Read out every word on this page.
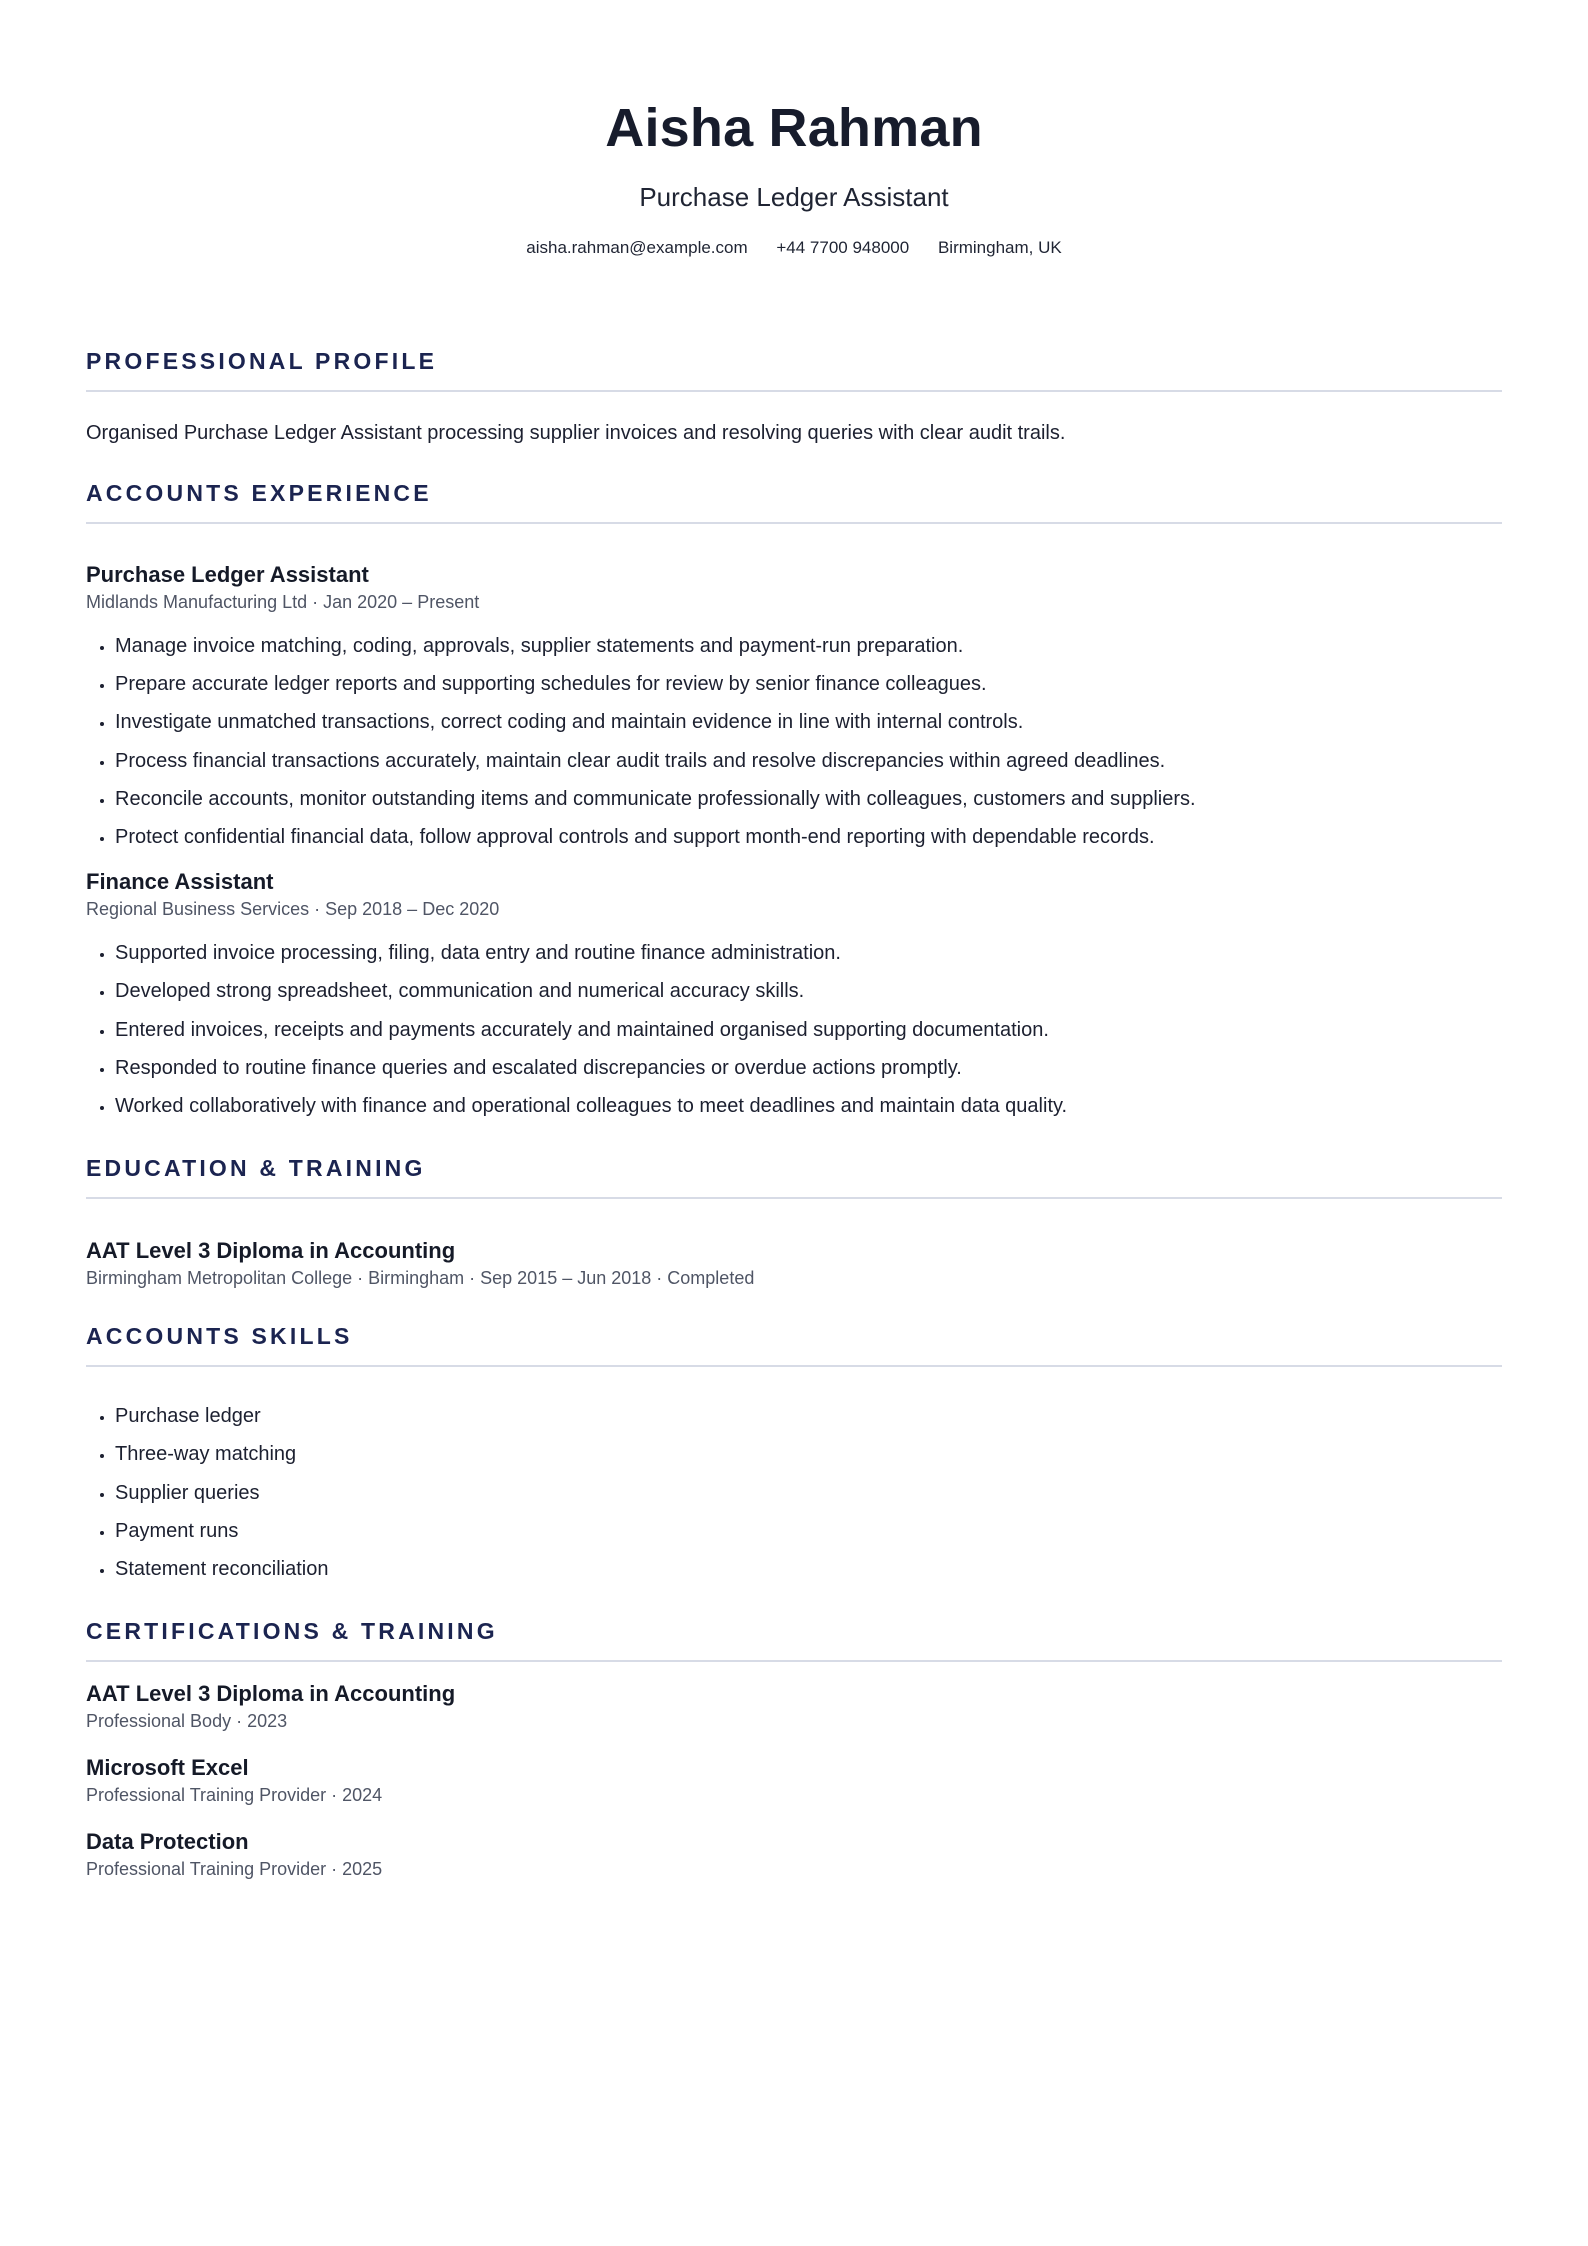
Aisha Rahman
Purchase Ledger Assistant
aisha.rahman@example.com +44 7700 948000 Birmingham, UK
PROFESSIONAL PROFILE
Organised Purchase Ledger Assistant processing supplier invoices and resolving queries with clear audit trails.
ACCOUNTS EXPERIENCE
Purchase Ledger Assistant
Midlands Manufacturing Ltd · Jan 2020 – Present
• Manage invoice matching, coding, approvals, supplier statements and payment-run preparation.
• Prepare accurate ledger reports and supporting schedules for review by senior finance colleagues.
• Investigate unmatched transactions, correct coding and maintain evidence in line with internal controls.
• Process financial transactions accurately, maintain clear audit trails and resolve discrepancies within agreed deadlines.
• Reconcile accounts, monitor outstanding items and communicate professionally with colleagues, customers and suppliers.
• Protect confidential financial data, follow approval controls and support month-end reporting with dependable records.
Finance Assistant
Regional Business Services · Sep 2018 – Dec 2020
• Supported invoice processing, filing, data entry and routine finance administration.
• Developed strong spreadsheet, communication and numerical accuracy skills.
• Entered invoices, receipts and payments accurately and maintained organised supporting documentation.
• Responded to routine finance queries and escalated discrepancies or overdue actions promptly.
• Worked collaboratively with finance and operational colleagues to meet deadlines and maintain data quality.
EDUCATION & TRAINING
AAT Level 3 Diploma in Accounting
Birmingham Metropolitan College · Birmingham · Sep 2015 – Jun 2018 · Completed
ACCOUNTS SKILLS
• Purchase ledger
• Three-way matching
• Supplier queries
• Payment runs
• Statement reconciliation
CERTIFICATIONS & TRAINING
AAT Level 3 Diploma in Accounting
Professional Body · 2023
Microsoft Excel
Professional Training Provider · 2024
Data Protection
Professional Training Provider · 2025
